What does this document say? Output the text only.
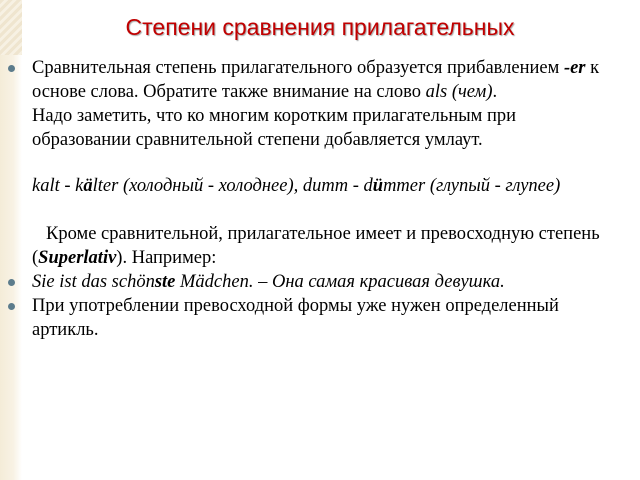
Степени сравнения прилагательных

Сравнительная степень прилагательного образуется прибавлением -er к основе слова. Обратите также внимание на слово als (чем).

Надо заметить, что ко многим коротким прилагательным при образовании сравнительной степени добавляется умлаут.

kalt - kälter (холодный - холоднее), dumm - dümmer (глупый - глупее)

Кроме сравнительной, прилагательное имеет и превосходную степень (Superlativ). Например:

Sie ist das schönste Mädchen. – Она самая красивая девушка.

При употреблении превосходной формы уже нужен определенный артикль.
